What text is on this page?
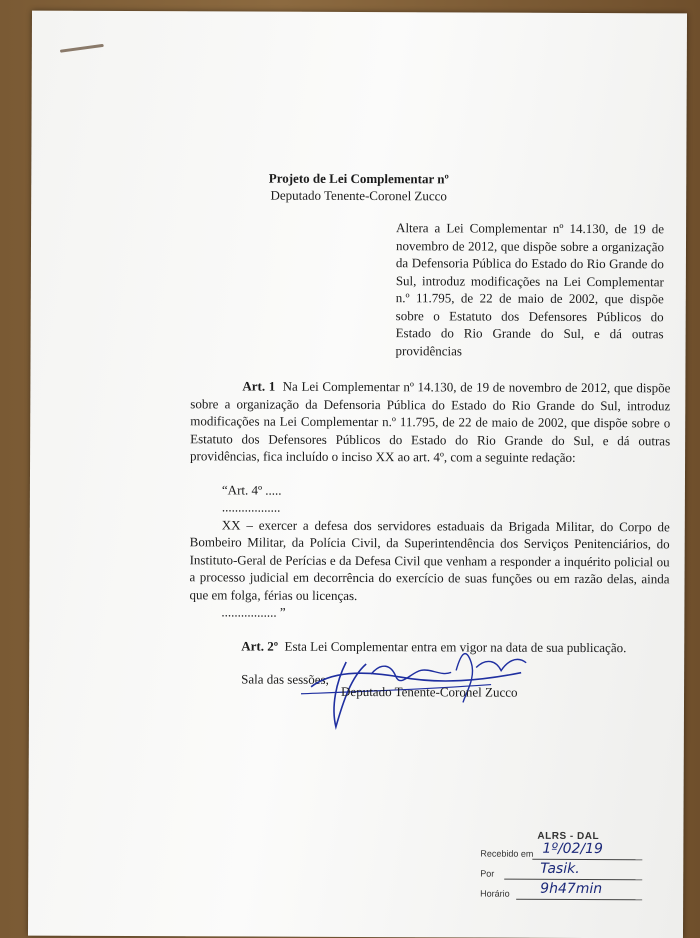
Projeto de Lei Complementar nº
Deputado Tenente-Coronel Zucco
Altera a Lei Complementar nº 14.130, de 19 de novembro de 2012, que dispõe sobre a organização da Defensoria Pública do Estado do Rio Grande do Sul, introduz modificações na Lei Complementar n.º 11.795, de 22 de maio de 2002, que dispõe sobre o Estatuto dos Defensores Públicos do Estado do Rio Grande do Sul, e dá outras providências

Art. 1 Na Lei Complementar nº 14.130, de 19 de novembro de 2012, que dispõe sobre a organização da Defensoria Pública do Estado do Rio Grande do Sul, introduz modificações na Lei Complementar n.º 11.795, de 22 de maio de 2002, que dispõe sobre o Estatuto dos Defensores Públicos do Estado do Rio Grande do Sul, e dá outras providências, fica incluído o inciso XX ao art. 4º, com a seguinte redação:

“Art. 4º .....

..................

XX – exercer a defesa dos servidores estaduais da Brigada Militar, do Corpo de Bombeiro Militar, da Polícia Civil, da Superintendência dos Serviços Penitenciários, do Instituto-Geral de Perícias e da Defesa Civil que venham a responder a inquérito policial ou a processo judicial em decorrência do exercício de suas funções ou em razão delas, ainda que em folga, férias ou licenças.

................. ”

Art. 2º Esta Lei Complementar entra em vigor na data de sua publicação.

Sala das sessões,

Deputado Tenente-Coronel Zucco
ALRS - DAL
Recebido em 1º/02/19
Por	Tasik.
Horário 9h47min
